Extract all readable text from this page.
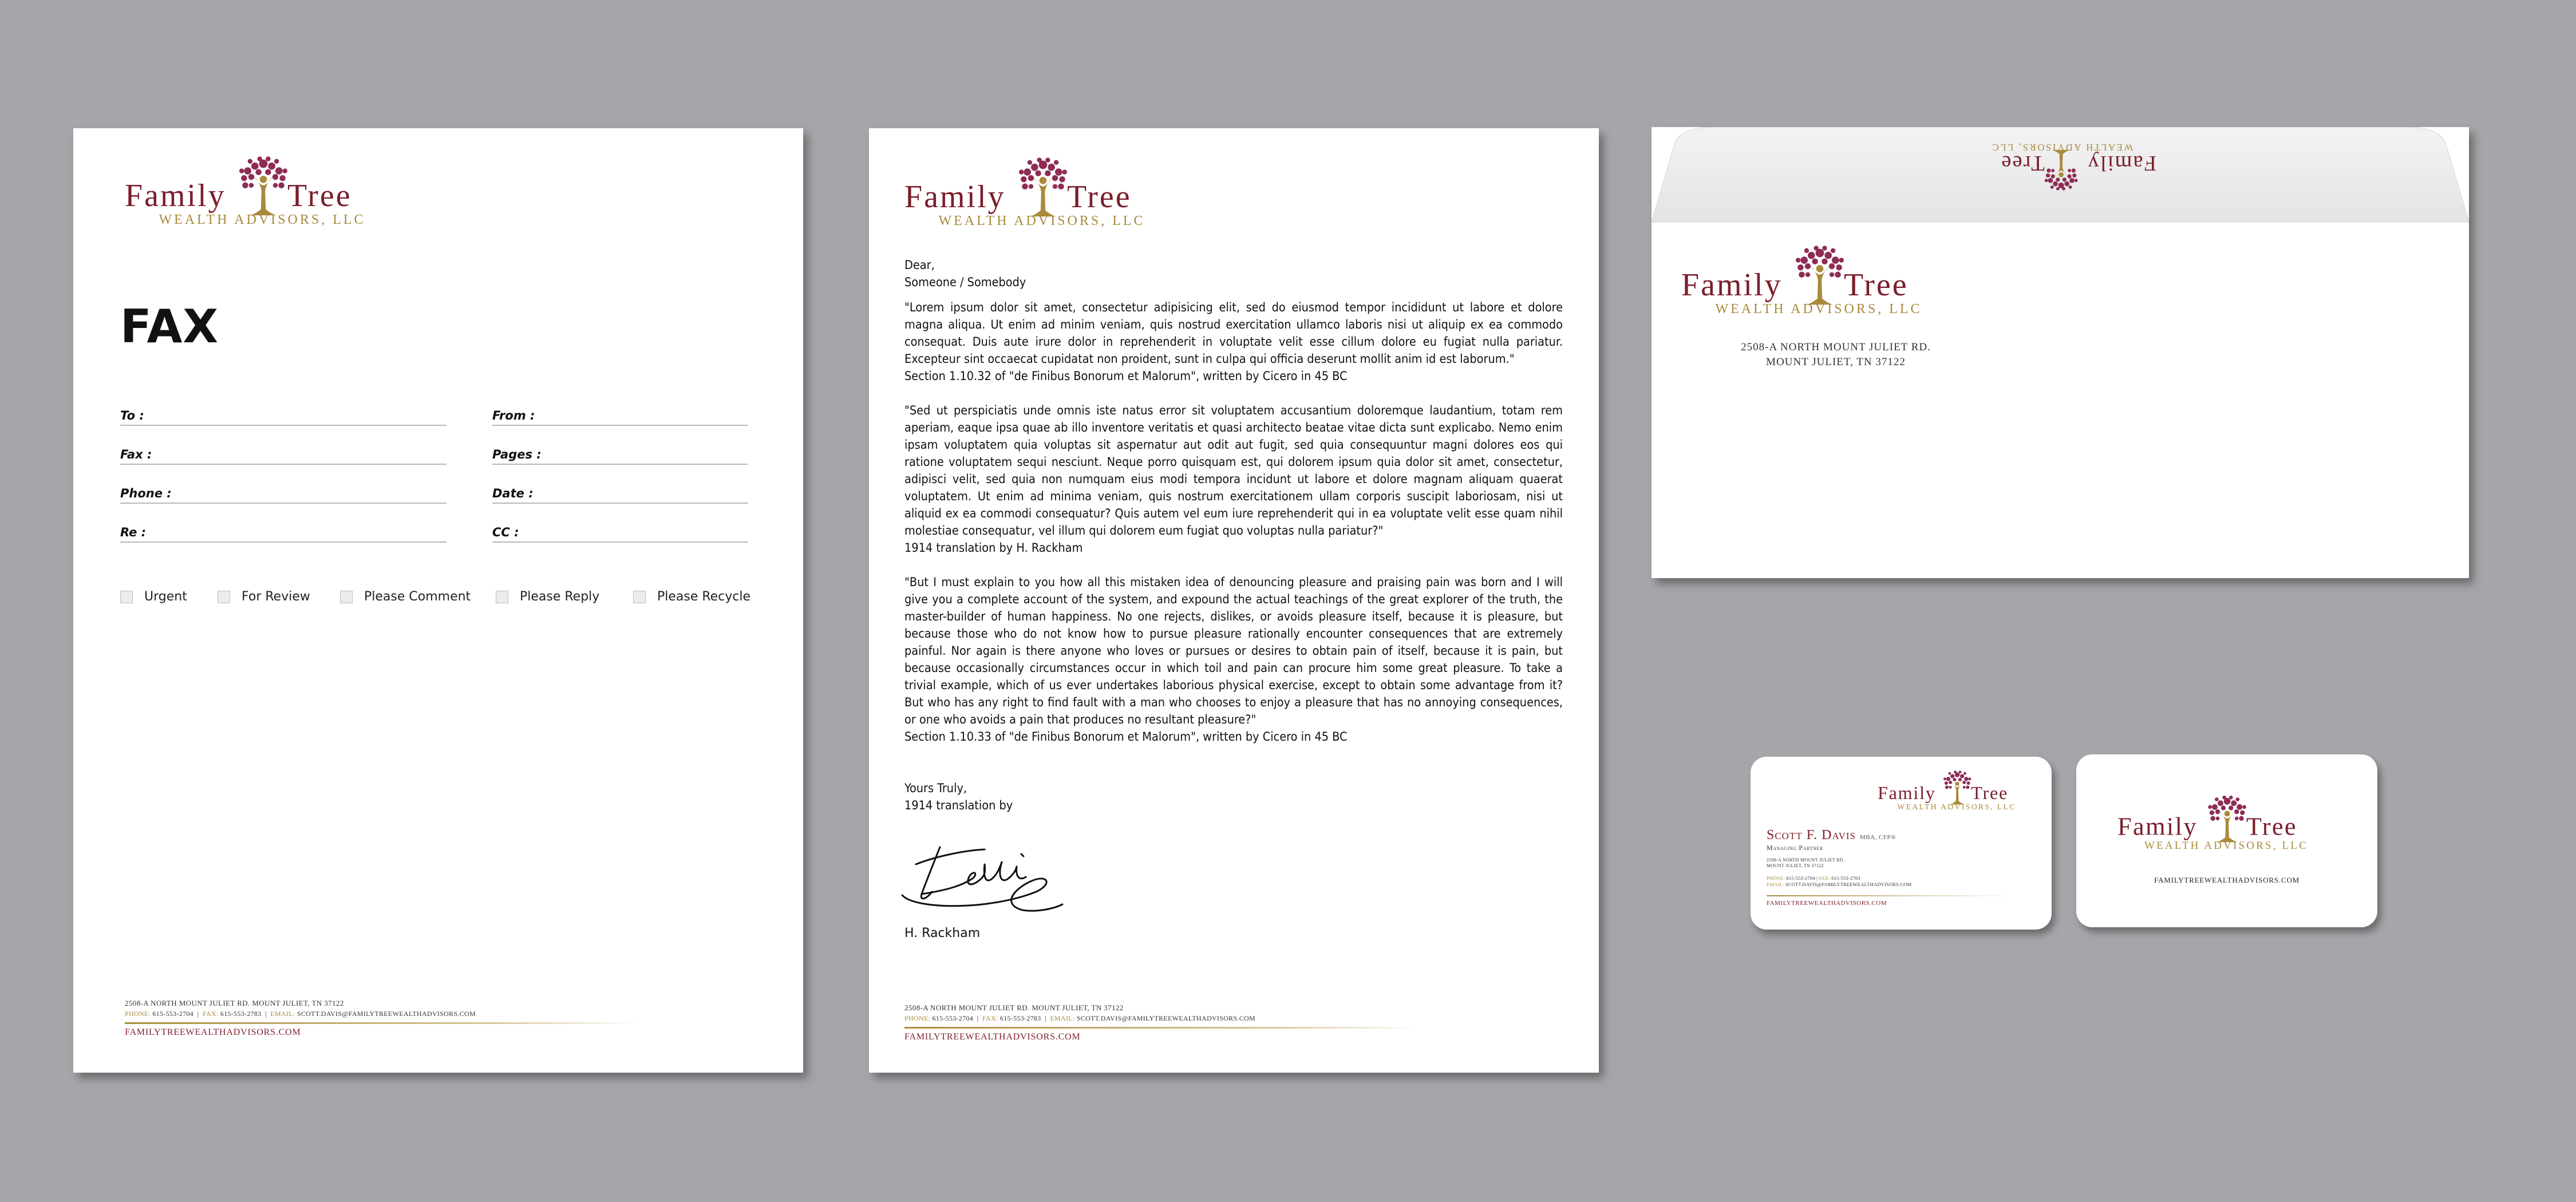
Family Tree
WEALTH ADVISORS, LLC
FAX
To :	From :
Fax :	Pages :
Phone :	Date :
Re :	CC :
Urgent	For Review	Please Comment	Please Reply	Please Recycle
2508-A NORTH MOUNT JULIET RD. MOUNT JULIET, TN 37122
PHONE: 615-553-2704  |  FAX: 615-553-2783  |  EMAIL: SCOTT.DAVIS@FAMILYTREEWEALTHADVISORS.COM
FAMILYTREEWEALTHADVISORS.COM
Family Tree
WEALTH ADVISORS, LLC
Dear,
Someone / Somebody

"Lorem ipsum dolor sit amet, consectetur adipisicing elit, sed do eiusmod tempor incididunt ut labore et dolore magna aliqua. Ut enim ad minim veniam, quis nostrud exercitation ullamco laboris nisi ut aliquip ex ea commodo consequat. Duis aute irure dolor in reprehenderit in voluptate velit esse cillum dolore eu fugiat nulla pariatur. Excepteur sint occaecat cupidatat non proident, sunt in culpa qui officia deserunt mollit anim id est laborum."

Section 1.10.32 of "de Finibus Bonorum et Malorum", written by Cicero in 45 BC

"Sed ut perspiciatis unde omnis iste natus error sit voluptatem accusantium doloremque laudantium, totam rem aperiam, eaque ipsa quae ab illo inventore veritatis et quasi architecto beatae vitae dicta sunt explicabo. Nemo enim ipsam voluptatem quia voluptas sit aspernatur aut odit aut fugit, sed quia consequuntur magni dolores eos qui ratione voluptatem sequi nesciunt. Neque porro quisquam est, qui dolorem ipsum quia dolor sit amet, consectetur, adipisci velit, sed quia non numquam eius modi tempora incidunt ut labore et dolore magnam aliquam quaerat voluptatem. Ut enim ad minima veniam, quis nostrum exercitationem ullam corporis suscipit laboriosam, nisi ut aliquid ex ea commodi consequatur? Quis autem vel eum iure reprehenderit qui in ea voluptate velit esse quam nihil molestiae consequatur, vel illum qui dolorem eum fugiat quo voluptas nulla pariatur?"

1914 translation by H. Rackham

"But I must explain to you how all this mistaken idea of denouncing pleasure and praising pain was born and I will give you a complete account of the system, and expound the actual teachings of the great explorer of the truth, the master-builder of human happiness. No one rejects, dislikes, or avoids pleasure itself, because it is pleasure, but because those who do not know how to pursue pleasure rationally encounter consequences that are extremely painful. Nor again is there anyone who loves or pursues or desires to obtain pain of itself, because it is pain, but because occasionally circumstances occur in which toil and pain can procure him some great pleasure. To take a trivial example, which of us ever undertakes laborious physical exercise, except to obtain some advantage from it? But who has any right to find fault with a man who chooses to enjoy a pleasure that has no annoying consequences, or one who avoids a pain that produces no resultant pleasure?"

Section 1.10.33 of "de Finibus Bonorum et Malorum", written by Cicero in 45 BC
Yours Truly,
1914 translation by
H. Rackham
2508-A NORTH MOUNT JULIET RD. MOUNT JULIET, TN 37122
PHONE: 615-553-2704  |  FAX: 615-553-2783  |  EMAIL: SCOTT.DAVIS@FAMILYTREEWEALTHADVISORS.COM
FAMILYTREEWEALTHADVISORS.COM
Family
Tree
WEALTH ADVISORS, LLC
Family Tree
WEALTH ADVISORS, LLC
2508-A NORTH MOUNT JULIET RD.
MOUNT JULIET, TN 37122
Family Tree
WEALTH ADVISORS, LLC
Scott F. Davis MBA, CFP®
Managing Partner
2508-A NORTH MOUNT JULIET RD.
MOUNT JULIET, TN 37122
PHONE: 615-553-2704 | FAX: 615-553-2783
EMAIL: SCOTT.DAVIS@FAMILYTREEWEALTHADVISORS.COM
FAMILYTREEWEALTHADVISORS.COM
Family Tree
WEALTH ADVISORS, LLC
FAMILYTREEWEALTHADVISORS.COM
